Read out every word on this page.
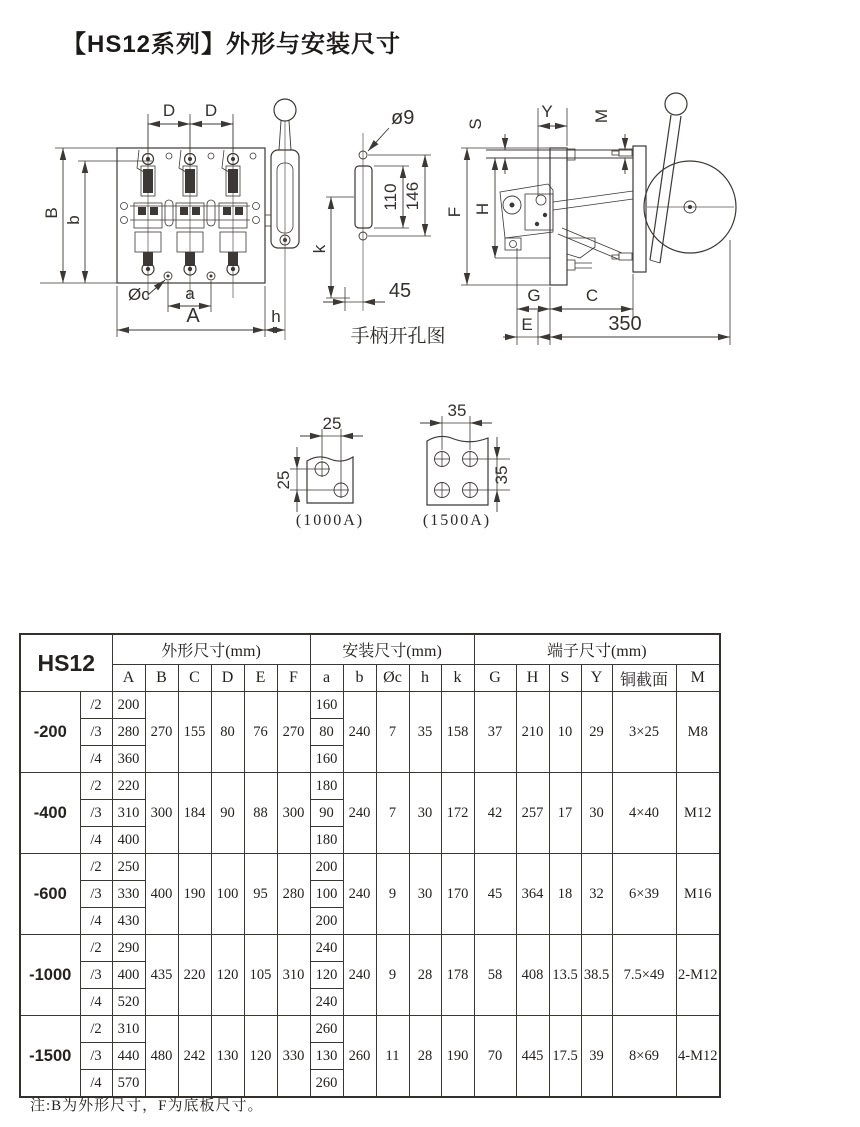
【HS12系列】外形与安装尺寸
D D
B
b
Øc a
A	h
ø9
110 146
k
45
手柄开孔图
S
Y M
F H
G	C
E	350
25
25
(1000A)
35
35
(1500A)
HS12		外形尺寸(mm)						安装尺寸(mm)					端子尺寸(mm)					
		A	B	C	D	E	F	a	b	Øc	h	k	G	H	S	Y	铜截面	M
-200	/2	200	270	155	80	76	270	160	240	7	35	158	37	210	10	29	3×25	M8
	/3	280						80										
	/4	360						160										
-400	/2	220	300	184	90	88	300	180	240	7	30	172	42	257	17	30	4×40	M12
	/3	310						90										
	/4	400						180										
-600	/2	250	400	190	100	95	280	200	240	9	30	170	45	364	18	32	6×39	M16
	/3	330						100										
	/4	430						200										
-1000	/2	290	435	220	120	105	310	240	240	9	28	178	58	408	13.5	38.5	7.5×49	2-M12
	/3	400						120										
	/4	520						240										
-1500	/2	310	480	242	130	120	330	260	260	11	28	190	70	445	17.5	39	8×69	4-M12
	/3	440						130										
	/4	570						260										
注:B为外形尺寸，F为底板尺寸。
